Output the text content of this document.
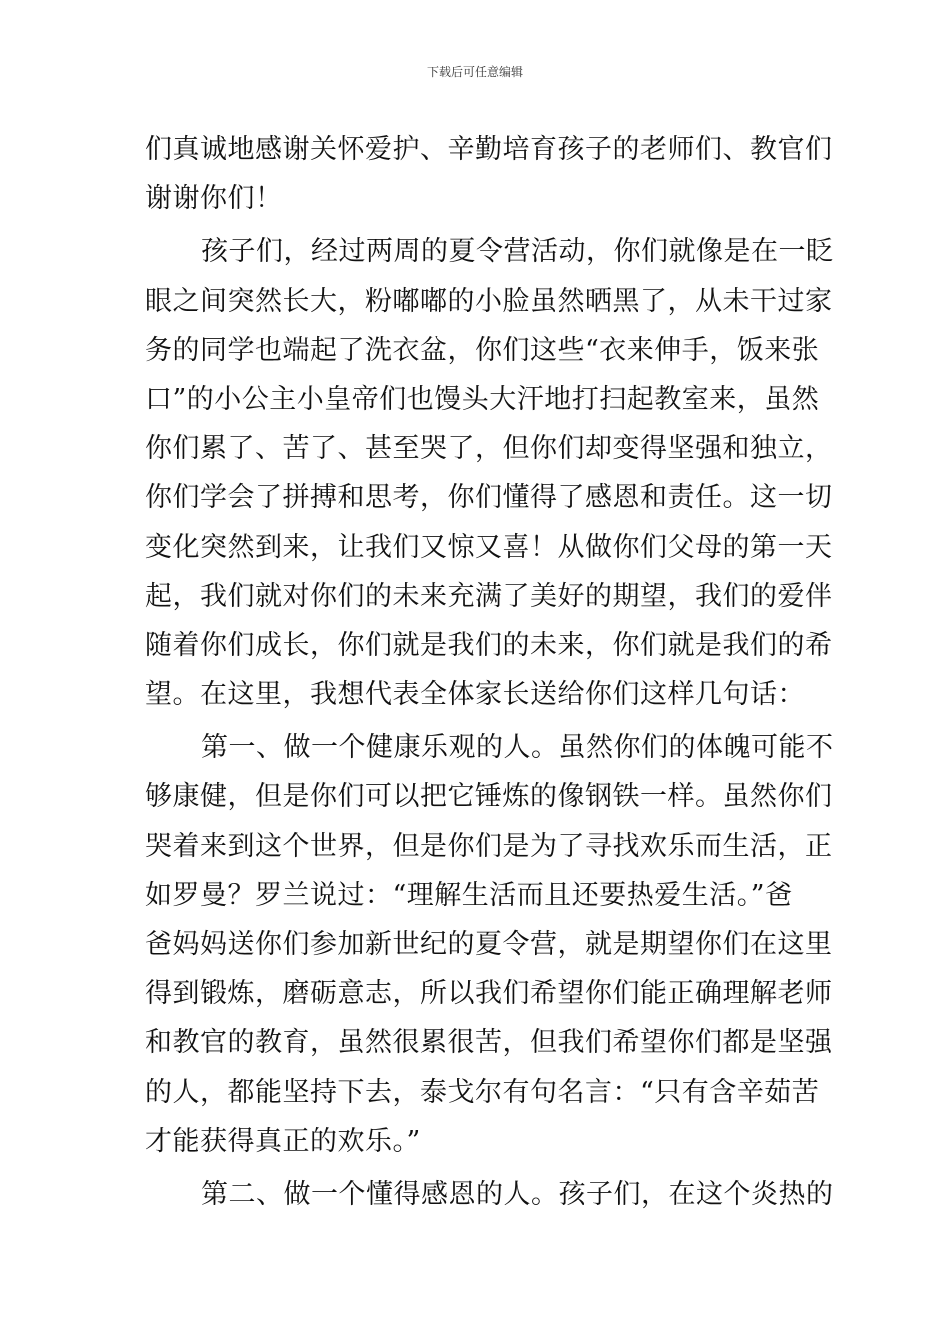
下载后可任意编辑
们真诚地感谢关怀爱护、辛勤培育孩子的老师们、教官们
谢谢你们！
孩子们，经过两周的夏令营活动，你们就像是在一眨
眼之间突然长大，粉嘟嘟的小脸虽然晒黑了，从未干过家
务的同学也端起了洗衣盆，你们这些“衣来伸手，饭来张
口”的小公主小皇帝们也馒头大汗地打扫起教室来，虽然
你们累了、苦了、甚至哭了，但你们却变得坚强和独立，
你们学会了拼搏和思考，你们懂得了感恩和责任。这一切
变化突然到来，让我们又惊又喜！从做你们父母的第一天
起，我们就对你们的未来充满了美好的期望，我们的爱伴
随着你们成长，你们就是我们的未来，你们就是我们的希
望。在这里，我想代表全体家长送给你们这样几句话：
第一、做一个健康乐观的人。虽然你们的体魄可能不
够康健，但是你们可以把它锤炼的像钢铁一样。虽然你们
哭着来到这个世界，但是你们是为了寻找欢乐而生活，正
如罗曼？罗兰说过：“理解生活而且还要热爱生活。”爸
爸妈妈送你们参加新世纪的夏令营，就是期望你们在这里
得到锻炼，磨砺意志，所以我们希望你们能正确理解老师
和教官的教育，虽然很累很苦，但我们希望你们都是坚强
的人，都能坚持下去，泰戈尔有句名言：“只有含辛茹苦
才能获得真正的欢乐。”
第二、做一个懂得感恩的人。孩子们，在这个炎热的
